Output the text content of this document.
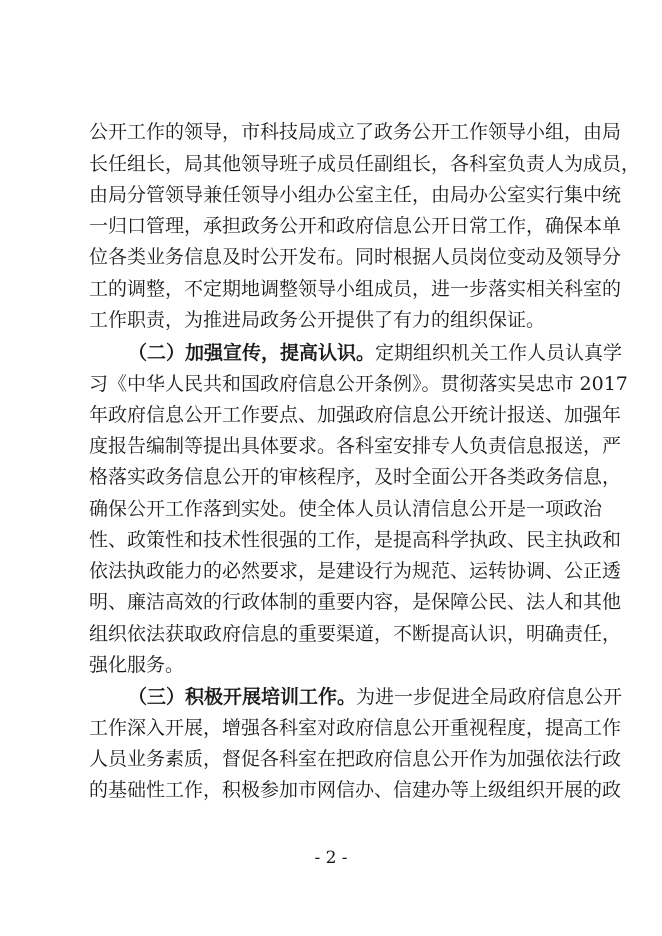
公开工作的领导，市科技局成立了政务公开工作领导小组，由局
长任组长，局其他领导班子成员任副组长，各科室负责人为成员，
由局分管领导兼任领导小组办公室主任，由局办公室实行集中统
一归口管理，承担政务公开和政府信息公开日常工作，确保本单
位各类业务信息及时公开发布。同时根据人员岗位变动及领导分
工的调整，不定期地调整领导小组成员，进一步落实相关科室的
工作职责，为推进局政务公开提供了有力的组织保证。
（二）加强宣传，提高认识。定期组织机关工作人员认真学
习《中华人民共和国政府信息公开条例》。贯彻落实吴忠市 2017
年政府信息公开工作要点、加强政府信息公开统计报送、加强年
度报告编制等提出具体要求。各科室安排专人负责信息报送，严
格落实政务信息公开的审核程序，及时全面公开各类政务信息，
确保公开工作落到实处。使全体人员认清信息公开是一项政治
性、政策性和技术性很强的工作，是提高科学执政、民主执政和
依法执政能力的必然要求，是建设行为规范、运转协调、公正透
明、廉洁高效的行政体制的重要内容，是保障公民、法人和其他
组织依法获取政府信息的重要渠道，不断提高认识，明确责任，
强化服务。
（三）积极开展培训工作。为进一步促进全局政府信息公开
工作深入开展，增强各科室对政府信息公开重视程度，提高工作
人员业务素质，督促各科室在把政府信息公开作为加强依法行政
的基础性工作，积极参加市网信办、信建办等上级组织开展的政
- 2 -
